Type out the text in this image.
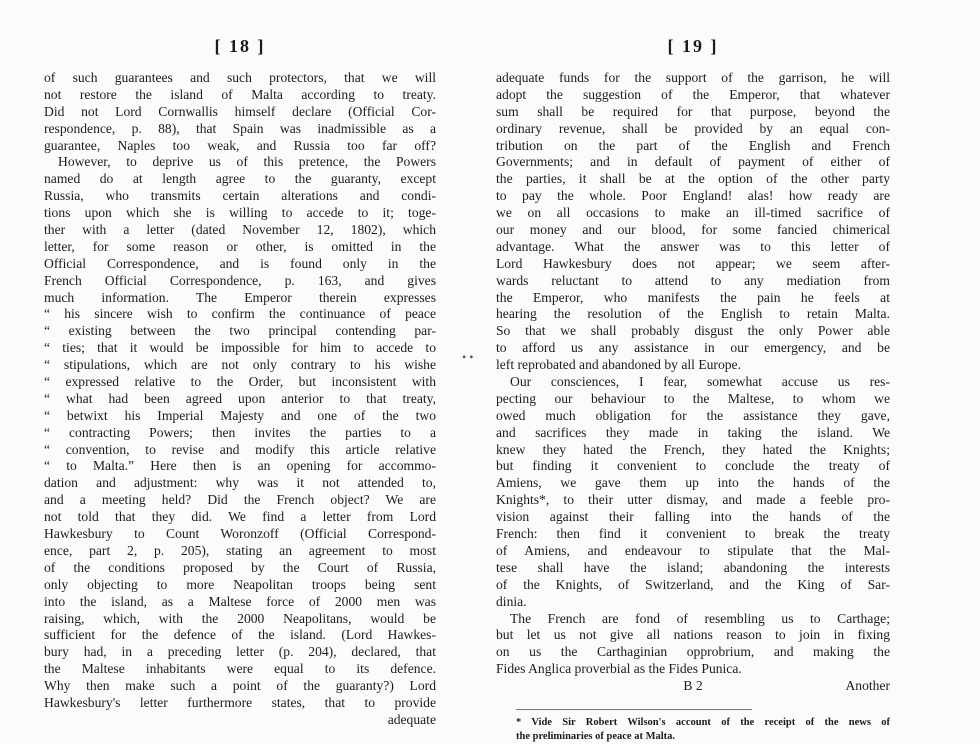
[ 18 ]
of such guarantees and such protectors, that we will
not restore the island of Malta according to treaty.
Did not Lord Cornwallis himself declare (Official Cor-
respondence, p. 88), that Spain was inadmissible as a
guarantee, Naples too weak, and Russia too far off?
However, to deprive us of this pretence, the Powers
named do at length agree to the guaranty, except
Russia, who transmits certain alterations and condi-
tions upon which she is willing to accede to it; toge-
ther with a letter (dated November 12, 1802), which
letter, for some reason or other, is omitted in the
Official Correspondence, and is found only in the
French Official Correspondence, p. 163, and gives
much information. The Emperor therein expresses
“ his sincere wish to confirm the continuance of peace
“ existing between the two principal contending par-
“ ties; that it would be impossible for him to accede to
“ stipulations, which are not only contrary to his wishe
“ expressed relative to the Order, but inconsistent with
“ what had been agreed upon anterior to that treaty,
“ betwixt his Imperial Majesty and one of the two
“ contracting Powers; then invites the parties to a
“ convention, to revise and modify this article relative
“ to Malta.” Here then is an opening for accommo-
dation and adjustment: why was it not attended to,
and a meeting held? Did the French object? We are
not told that they did. We find a letter from Lord
Hawkesbury to Count Woronzoff (Official Correspond-
ence, part 2, p. 205), stating an agreement to most
of the conditions proposed by the Court of Russia,
only objecting to more Neapolitan troops being sent
into the island, as a Maltese force of 2000 men was
raising, which, with the 2000 Neapolitans, would be
sufficient for the defence of the island. (Lord Hawkes-
bury had, in a preceding letter (p. 204), declared, that
the Maltese inhabitants were equal to its defence.
Why then make such a point of the guaranty?) Lord
Hawkesbury's letter furthermore states, that to provide
adequate
• •
[ 19 ]
adequate funds for the support of the garrison, he will
adopt the suggestion of the Emperor, that whatever
sum shall be required for that purpose, beyond the
ordinary revenue, shall be provided by an equal con-
tribution on the part of the English and French
Governments; and in default of payment of either of
the parties, it shall be at the option of the other party
to pay the whole. Poor England! alas! how ready are
we on all occasions to make an ill-timed sacrifice of
our money and our blood, for some fancied chimerical
advantage. What the answer was to this letter of
Lord Hawkesbury does not appear; we seem after-
wards reluctant to attend to any mediation from
the Emperor, who manifests the pain he feels at
hearing the resolution of the English to retain Malta.
So that we shall probably disgust the only Power able
to afford us any assistance in our emergency, and be
left reprobated and abandoned by all Europe.
Our consciences, I fear, somewhat accuse us res-
pecting our behaviour to the Maltese, to whom we
owed much obligation for the assistance they gave,
and sacrifices they made in taking the island. We
knew they hated the French, they hated the Knights;
but finding it convenient to conclude the treaty of
Amiens, we gave them up into the hands of the
Knights*, to their utter dismay, and made a feeble pro-
vision against their falling into the hands of the
French: then find it convenient to break the treaty
of Amiens, and endeavour to stipulate that the Mal-
tese shall have the island; abandoning the interests
of the Knights, of Switzerland, and the King of Sar-
dinia.
The French are fond of resembling us to Carthage;
but let us not give all nations reason to join in fixing
on us the Carthaginian opprobrium, and making the
Fides Anglica proverbial as the Fides Punica.
B 2	Another
* Vide Sir Robert Wilson's account of the receipt of the news of
the preliminaries of peace at Malta.
